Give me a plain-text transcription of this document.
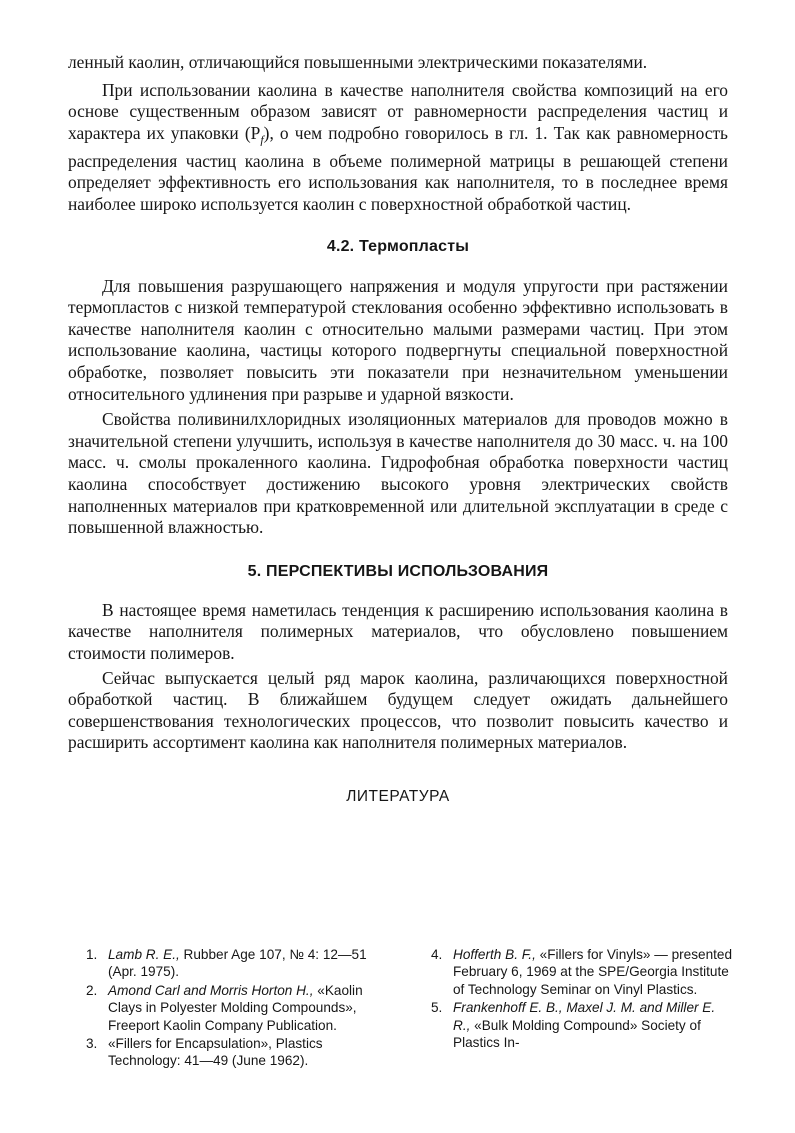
ленный каолин, отличающийся повышенными электрическими показателями.

При использовании каолина в качестве наполнителя свойства композиций на его основе существенным образом зависят от равномерности распределения частиц и характера их упаковки $(P_f)$, о чем подробно говорилось в гл. 1. Так как равномерность распределения частиц каолина в объеме полимерной матрицы в решающей степени определяет эффективность его использования как наполнителя, то в последнее время наиболее широко используется каолин с поверхностной обработкой частиц.

4.2. Термопласты

Для повышения разрушающего напряжения и модуля упругости при растяжении термопластов с низкой температурой стеклования особенно эффективно использовать в качестве наполнителя каолин с относительно малыми размерами частиц. При этом использование каолина, частицы которого подвергнуты специальной поверхностной обработке, позволяет повысить эти показатели при незначительном уменьшении относительного удлинения при разрыве и ударной вязкости.

Свойства поливинилхлоридных изоляционных материалов для проводов можно в значительной степени улучшить, используя в качестве наполнителя до 30 масс. ч. на 100 масс. ч. смолы прокаленного каолина. Гидрофобная обработка поверхности частиц каолина способствует достижению высокого уровня электрических свойств наполненных материалов при кратковременной или длительной эксплуатации в среде с повышенной влажностью.

5. ПЕРСПЕКТИВЫ ИСПОЛЬЗОВАНИЯ

В настоящее время наметилась тенденция к расширению использования каолина в качестве наполнителя полимерных материалов, что обусловлено повышением стоимости полимеров.

Сейчас выпускается целый ряд марок каолина, различающихся поверхностной обработкой частиц. В ближайшем будущем следует ожидать дальнейшего совершенствования технологических процессов, что позволит повысить качество и расширить ассортимент каолина как наполнителя полимерных материалов.

ЛИТЕРАТУРА
1. Lamb R. E., Rubber Age 107, № 4: 12—51 (Apr. 1975).
2. Amond Carl and Morris Horton H., «Kaolin Clays in Polyester Molding Compounds», Freeport Kaolin Company Publication.
3. «Fillers for Encapsulation», Plastics Technology: 41—49 (June 1962).
4. Hofferth B. F., «Fillers for Vinyls» — presented February 6, 1969 at the SPE/Georgia Institute of Technology Seminar on Vinyl Plastics.
5. Frankenhoff E. B., Maxel J. M. and Miller E. R., «Bulk Molding Compound» Society of Plastics In-
